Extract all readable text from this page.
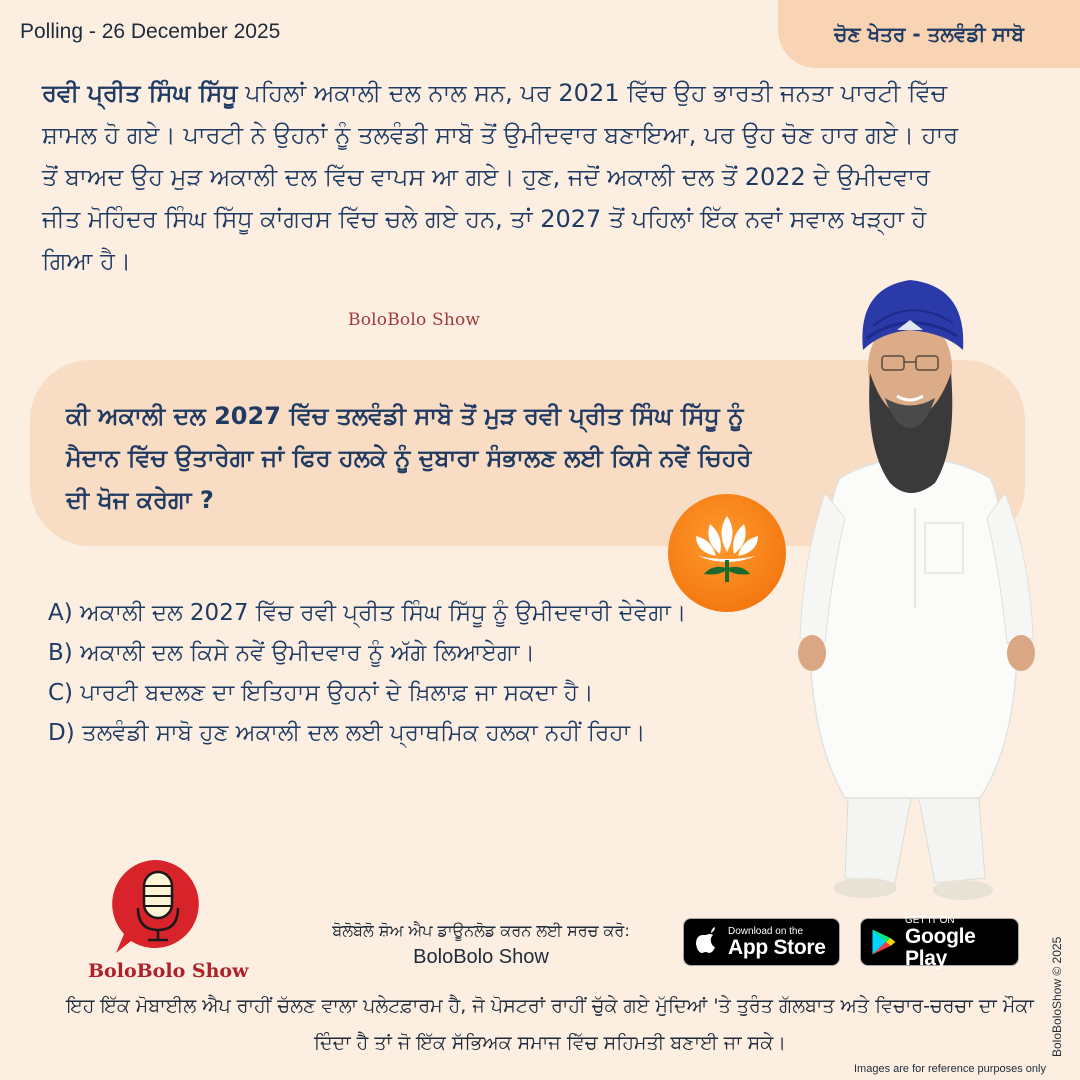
Polling - 26 December 2025	ਚੋਣ ਖੇਤਰ - ਤਲਵੰਡੀ ਸਾਬੋ

ਰਵੀ ਪ੍ਰੀਤ ਸਿੰਘ ਸਿੱਧੂ ਪਹਿਲਾਂ ਅਕਾਲੀ ਦਲ ਨਾਲ ਸਨ, ਪਰ 2021 ਵਿੱਚ ਉਹ ਭਾਰਤੀ ਜਨਤਾ ਪਾਰਟੀ ਵਿੱਚ ਸ਼ਾਮਲ ਹੋ ਗਏ। ਪਾਰਟੀ ਨੇ ਉਹਨਾਂ ਨੂੰ ਤਲਵੰਡੀ ਸਾਬੋ ਤੋਂ ਉਮੀਦਵਾਰ ਬਣਾਇਆ, ਪਰ ਉਹ ਚੋਣ ਹਾਰ ਗਏ। ਹਾਰ ਤੋਂ ਬਾਅਦ ਉਹ ਮੁੜ ਅਕਾਲੀ ਦਲ ਵਿੱਚ ਵਾਪਸ ਆ ਗਏ। ਹੁਣ, ਜਦੋਂ ਅਕਾਲੀ ਦਲ ਤੋਂ 2022 ਦੇ ਉਮੀਦਵਾਰ ਜੀਤ ਮੋਹਿੰਦਰ ਸਿੰਘ ਸਿੱਧੂ ਕਾਂਗਰਸ ਵਿੱਚ ਚਲੇ ਗਏ ਹਨ, ਤਾਂ 2027 ਤੋਂ ਪਹਿਲਾਂ ਇੱਕ ਨਵਾਂ ਸਵਾਲ ਖੜ੍ਹਾ ਹੋ ਗਿਆ ਹੈ।

BoloBolo Show

ਕੀ ਅਕਾਲੀ ਦਲ 2027 ਵਿੱਚ ਤਲਵੰਡੀ ਸਾਬੋ ਤੋਂ ਮੁੜ ਰਵੀ ਪ੍ਰੀਤ ਸਿੰਘ ਸਿੱਧੂ ਨੂੰ ਮੈਦਾਨ ਵਿੱਚ ਉਤਾਰੇਗਾ ਜਾਂ ਫਿਰ ਹਲਕੇ ਨੂੰ ਦੁਬਾਰਾ ਸੰਭਾਲਣ ਲਈ ਕਿਸੇ ਨਵੇਂ ਚਿਹਰੇ ਦੀ ਖੋਜ ਕਰੇਗਾ ?

A) ਅਕਾਲੀ ਦਲ 2027 ਵਿੱਚ ਰਵੀ ਪ੍ਰੀਤ ਸਿੰਘ ਸਿੱਧੂ ਨੂੰ ਉਮੀਦਵਾਰੀ ਦੇਵੇਗਾ।
B) ਅਕਾਲੀ ਦਲ ਕਿਸੇ ਨਵੇਂ ਉਮੀਦਵਾਰ ਨੂੰ ਅੱਗੇ ਲਿਆਏਗਾ।
C) ਪਾਰਟੀ ਬਦਲਣ ਦਾ ਇਤਿਹਾਸ ਉਹਨਾਂ ਦੇ ਖ਼ਿਲਾਫ਼ ਜਾ ਸਕਦਾ ਹੈ।
D) ਤਲਵੰਡੀ ਸਾਬੋ ਹੁਣ ਅਕਾਲੀ ਦਲ ਲਈ ਪ੍ਰਾਥਮਿਕ ਹਲਕਾ ਨਹੀਂ ਰਿਹਾ।
BoloBolo Show
ਬੋਲੋਬੋਲੋ ਸ਼ੋਅ ਐਪ ਡਾਊਨਲੋਡ ਕਰਨ ਲਈ ਸਰਚ ਕਰੋ:
BoloBolo Show
Download on the
App Store
GET IT ON
Google Play

ਇਹ ਇੱਕ ਮੋਬਾਈਲ ਐਪ ਰਾਹੀਂ ਚੱਲਣ ਵਾਲਾ ਪਲੇਟਫ਼ਾਰਮ ਹੈ, ਜੋ ਪੋਸਟਰਾਂ ਰਾਹੀਂ ਚੁੱਕੇ ਗਏ ਮੁੱਦਿਆਂ 'ਤੇ ਤੁਰੰਤ ਗੱਲਬਾਤ ਅਤੇ ਵਿਚਾਰ-ਚਰਚਾ ਦਾ ਮੌਕਾ ਦਿੰਦਾ ਹੈ ਤਾਂ ਜੋ ਇੱਕ ਸੱਭਿਅਕ ਸਮਾਜ ਵਿੱਚ ਸਹਿਮਤੀ ਬਣਾਈ ਜਾ ਸਕੇ।	BoloBoloShow © 2025
Images are for reference purposes only
